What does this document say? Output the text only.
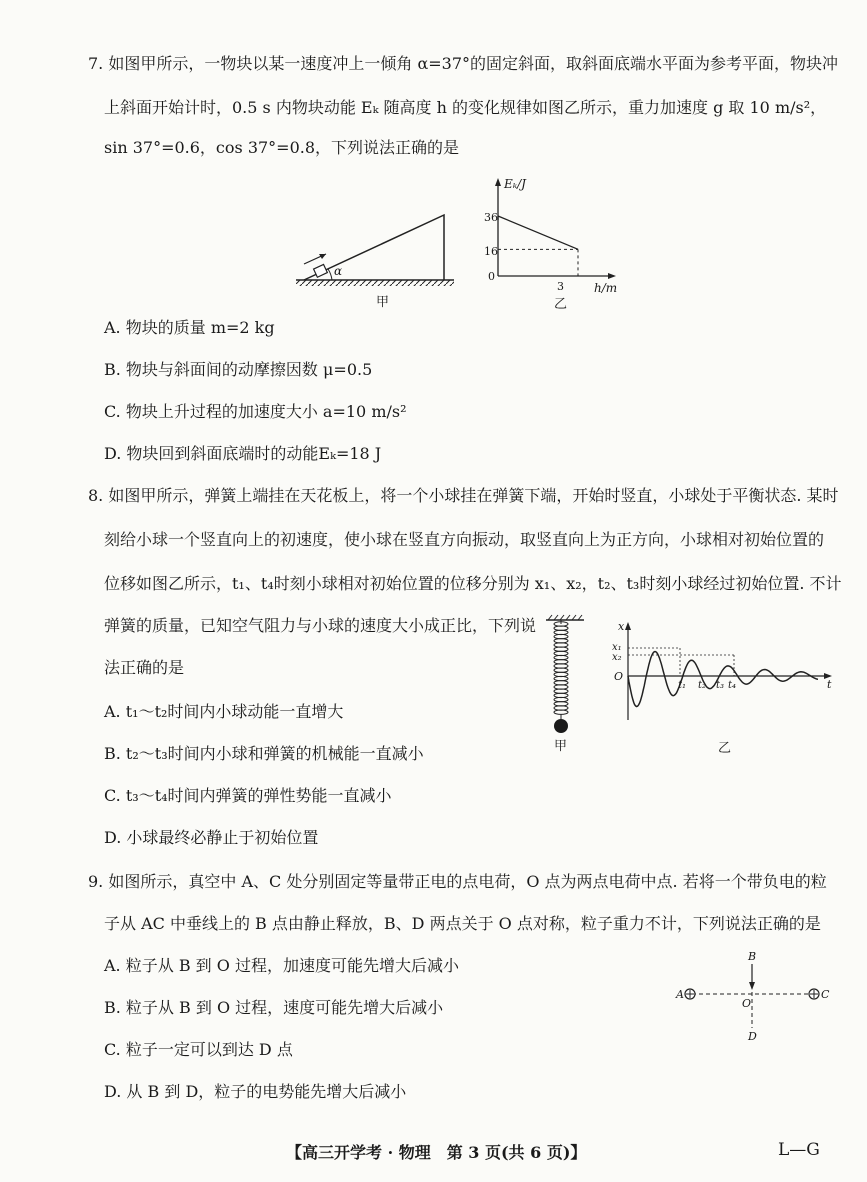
7. 如图甲所示，一物块以某一速度冲上一倾角 α=37°的固定斜面，取斜面底端水平面为参考平面，物块冲
上斜面开始计时，0.5 s 内物块动能 Eₖ 随高度 h 的变化规律如图乙所示，重力加速度 g 取 10 m/s²，
sin 37°=0.6，cos 37°=0.8，下列说法正确的是
α
甲
Eₖ/J
h/m
36
16
0
3
乙
A. 物块的质量 m=2 kg
B. 物块与斜面间的动摩擦因数 μ=0.5
C. 物块上升过程的加速度大小 a=10 m/s²
D. 物块回到斜面底端时的动能Eₖ=18 J
8. 如图甲所示，弹簧上端挂在天花板上，将一个小球挂在弹簧下端，开始时竖直，小球处于平衡状态. 某时
刻给小球一个竖直向上的初速度，使小球在竖直方向振动，取竖直向上为正方向，小球相对初始位置的
位移如图乙所示，t₁、t₄时刻小球相对初始位置的位移分别为 x₁、x₂，t₂、t₃时刻小球经过初始位置. 不计
弹簧的质量，已知空气阻力与小球的速度大小成正比，下列说
法正确的是
甲
x
t
O
x₁
x₂
t₁ t₂ t₃ t₄
乙
A. t₁～t₂时间内小球动能一直增大
B. t₂～t₃时间内小球和弹簧的机械能一直减小
C. t₃～t₄时间内弹簧的弹性势能一直减小
D. 小球最终必静止于初始位置
9. 如图所示，真空中 A、C 处分别固定等量带正电的点电荷，O 点为两点电荷中点. 若将一个带负电的粒
子从 AC 中垂线上的 B 点由静止释放，B、D 两点关于 O 点对称，粒子重力不计，下列说法正确的是
A	C
B
O
D
A. 粒子从 B 到 O 过程，加速度可能先增大后减小
B. 粒子从 B 到 O 过程，速度可能先增大后减小
C. 粒子一定可以到达 D 点
D. 从 B 到 D，粒子的电势能先增大后减小
【高三开学考 · 物理　第 3 页(共 6 页)】	L—G
